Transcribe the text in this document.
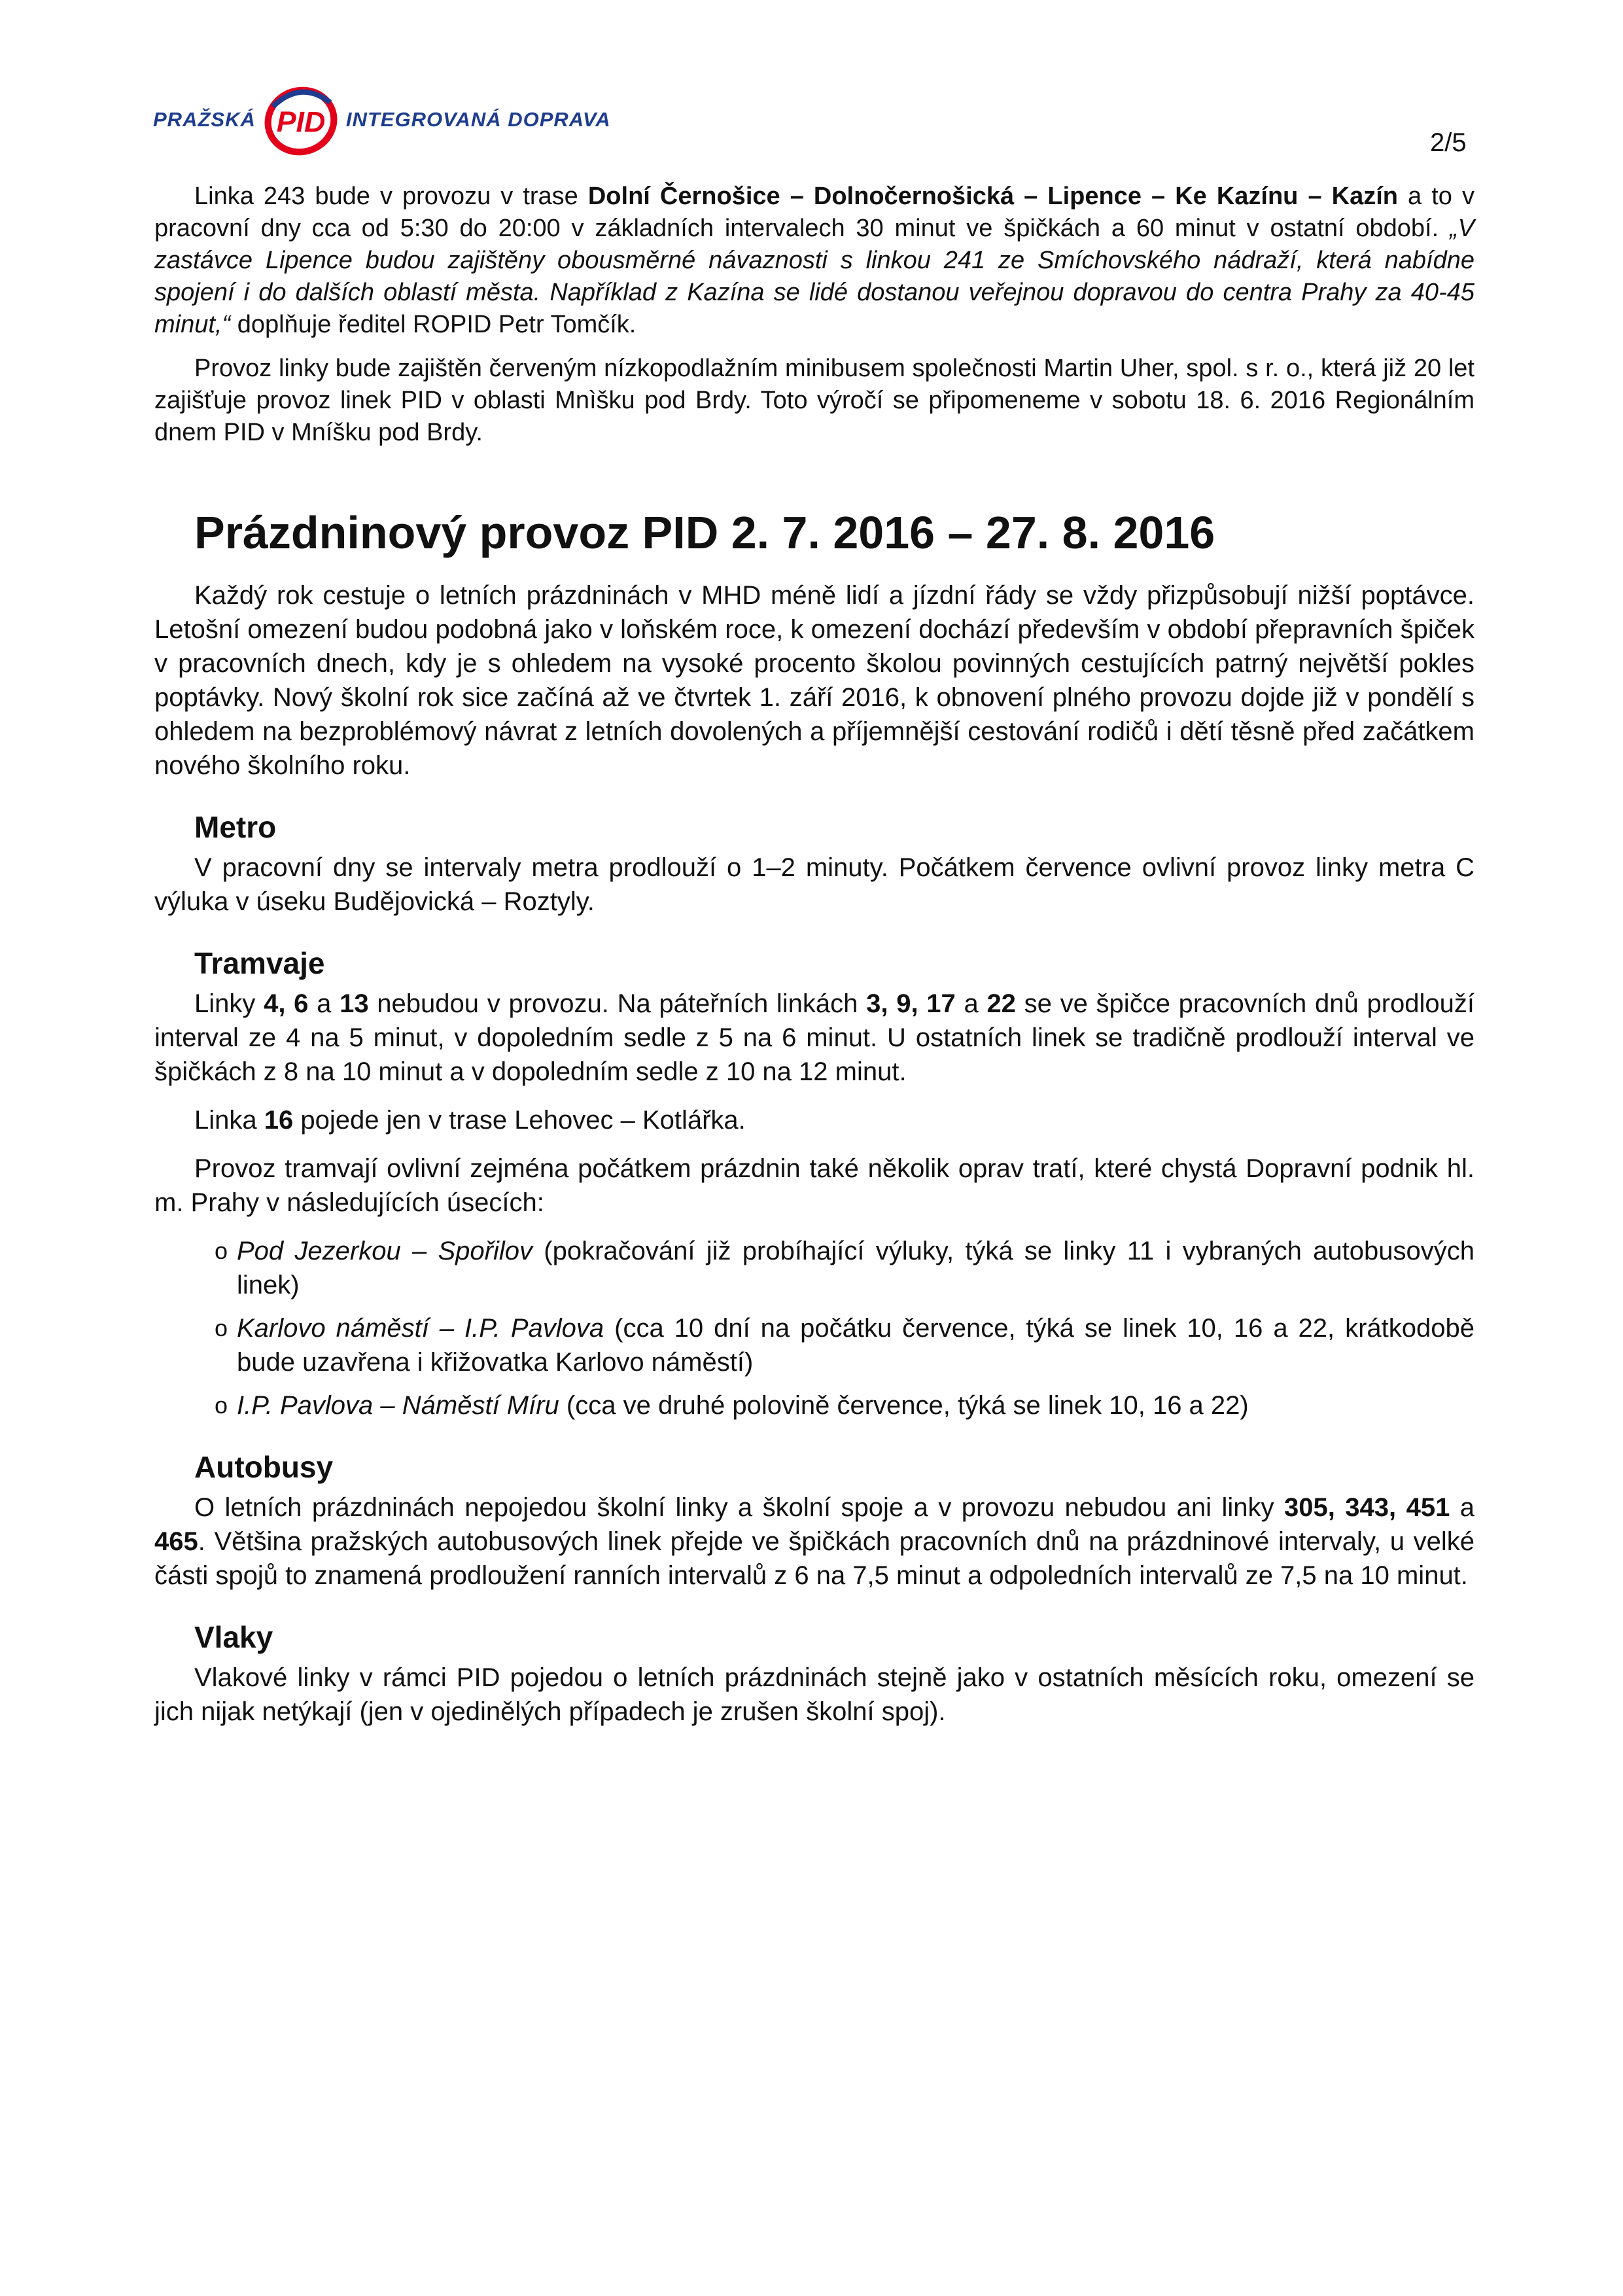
PRAŽSKÁ PID INTEGROVANÁ DOPRAVA
2/5

Linka 243 bude v provozu v trase Dolní Černošice – Dolnočernošická – Lipence – Ke Kazínu – Kazín a to v pracovní dny cca od 5:30 do 20:00 v základních intervalech 30 minut ve špičkách a 60 minut v ostatní období. „V zastávce Lipence budou zajištěny obousměrné návaznosti s linkou 241 ze Smíchovského nádraží, která nabídne spojení i do dalších oblastí města. Například z Kazína se lidé dostanou veřejnou dopravou do centra Prahy za 40-45 minut,“ doplňuje ředitel ROPID Petr Tomčík.

Provoz linky bude zajištěn červeným nízkopodlažním minibusem společnosti Martin Uher, spol. s r. o., která již 20 let zajišťuje provoz linek PID v oblasti Mnìšku pod Brdy. Toto výročí se připomeneme v sobotu 18. 6. 2016 Regionálním dnem PID v Mníšku pod Brdy.

Prázdninový provoz PID 2. 7. 2016 – 27. 8. 2016

Každý rok cestuje o letních prázdninách v MHD méně lidí a jízdní řády se vždy přizpůsobují nižší poptávce. Letošní omezení budou podobná jako v loňském roce, k omezení dochází především v období přepravních špiček v pracovních dnech, kdy je s ohledem na vysoké procento školou povinných cestujících patrný největší pokles poptávky. Nový školní rok sice začíná až ve čtvrtek 1. září 2016, k obnovení plného provozu dojde již v pondělí s ohledem na bezproblémový návrat z letních dovolených a příjemnější cestování rodičů i dětí těsně před začátkem nového školního roku.

Metro

V pracovní dny se intervaly metra prodlouží o 1–2 minuty. Počátkem července ovlivní provoz linky metra C výluka v úseku Budějovická – Roztyly.

Tramvaje

Linky 4, 6 a 13 nebudou v provozu. Na páteřních linkách 3, 9, 17 a 22 se ve špičce pracovních dnů prodlouží interval ze 4 na 5 minut, v dopoledním sedle z 5 na 6 minut. U ostatních linek se tradičně prodlouží interval ve špičkách z 8 na 10 minut a v dopoledním sedle z 10 na 12 minut.

Linka 16 pojede jen v trase Lehovec – Kotlářka.

Provoz tramvají ovlivní zejména počátkem prázdnin také několik oprav tratí, které chystá Dopravní podnik hl. m. Prahy v následujících úsecích:

o Pod Jezerkou – Spořilov (pokračování již probíhající výluky, týká se linky 11 i vybraných autobusových linek)
o Karlovo náměstí – I.P. Pavlova (cca 10 dní na počátku července, týká se linek 10, 16 a 22, krátkodobě bude uzavřena i křižovatka Karlovo náměstí)
o I.P. Pavlova – Náměstí Míru (cca ve druhé polovině července, týká se linek 10, 16 a 22)
Autobusy

O letních prázdninách nepojedou školní linky a školní spoje a v provozu nebudou ani linky 305, 343, 451 a 465. Většina pražských autobusových linek přejde ve špičkách pracovních dnů na prázdninové intervaly, u velké části spojů to znamená prodloužení ranních intervalů z 6 na 7,5 minut a odpoledních intervalů ze 7,5 na 10 minut.

Vlaky

Vlakové linky v rámci PID pojedou o letních prázdninách stejně jako v ostatních měsících roku, omezení se jich nijak netýkají (jen v ojedinělých případech je zrušen školní spoj).
